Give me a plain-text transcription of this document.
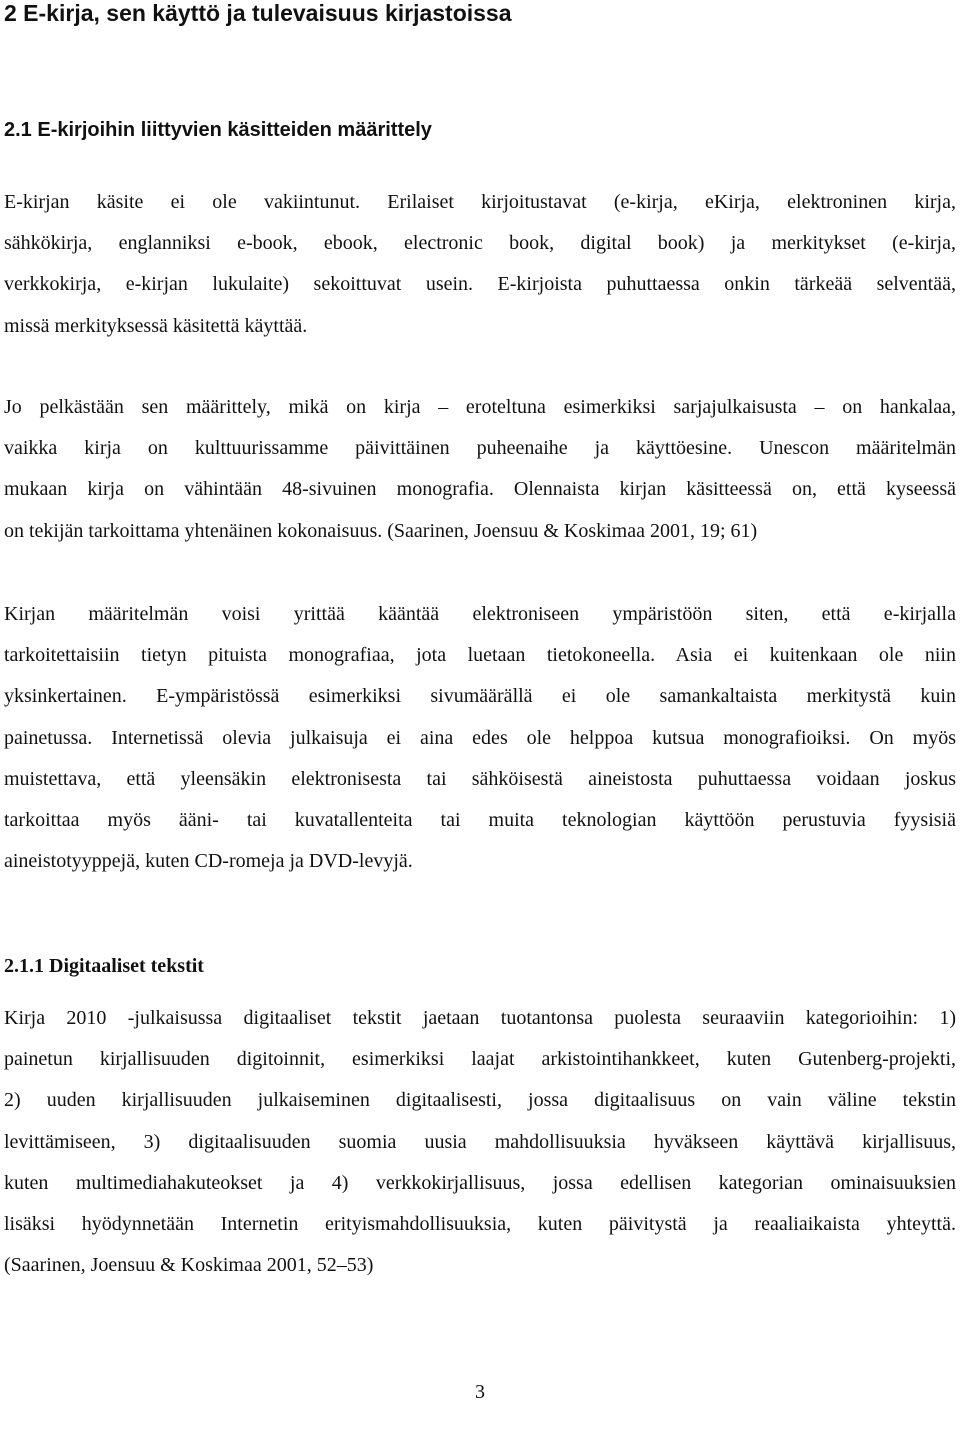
2 E-kirja, sen käyttö ja tulevaisuus kirjastoissa
2.1 E-kirjoihin liittyvien käsitteiden määrittely
E-kirjan käsite ei ole vakiintunut. Erilaiset kirjoitustavat (e-kirja, eKirja, elektroninen kirja,
sähkökirja, englanniksi e-book, ebook, electronic book, digital book) ja merkitykset (e-kirja,
verkkokirja, e-kirjan lukulaite) sekoittuvat usein. E-kirjoista puhuttaessa onkin tärkeää selventää,
missä merkityksessä käsitettä käyttää.
Jo pelkästään sen määrittely, mikä on kirja – eroteltuna esimerkiksi sarjajulkaisusta – on hankalaa,
vaikka kirja on kulttuurissamme päivittäinen puheenaihe ja käyttöesine. Unescon määritelmän
mukaan kirja on vähintään 48-sivuinen monografia. Olennaista kirjan käsitteessä on, että kyseessä
on tekijän tarkoittama yhtenäinen kokonaisuus. (Saarinen, Joensuu & Koskimaa 2001, 19; 61)
Kirjan määritelmän voisi yrittää kääntää elektroniseen ympäristöön siten, että e-kirjalla
tarkoitettaisiin tietyn pituista monografiaa, jota luetaan tietokoneella. Asia ei kuitenkaan ole niin
yksinkertainen. E-ympäristössä esimerkiksi sivumäärällä ei ole samankaltaista merkitystä kuin
painetussa. Internetissä olevia julkaisuja ei aina edes ole helppoa kutsua monografioiksi. On myös
muistettava, että yleensäkin elektronisesta tai sähköisestä aineistosta puhuttaessa voidaan joskus
tarkoittaa myös ääni- tai kuvatallenteita tai muita teknologian käyttöön perustuvia fyysisiä
aineistotyyppejä, kuten CD-romeja ja DVD-levyjä.
2.1.1 Digitaaliset tekstit
Kirja 2010 -julkaisussa digitaaliset tekstit jaetaan tuotantonsa puolesta seuraaviin kategorioihin: 1)
painetun kirjallisuuden digitoinnit, esimerkiksi laajat arkistointihankkeet, kuten Gutenberg-projekti,
2) uuden kirjallisuuden julkaiseminen digitaalisesti, jossa digitaalisuus on vain väline tekstin
levittämiseen, 3) digitaalisuuden suomia uusia mahdollisuuksia hyväkseen käyttävä kirjallisuus,
kuten multimediahakuteokset ja 4) verkkokirjallisuus, jossa edellisen kategorian ominaisuuksien
lisäksi hyödynnetään Internetin erityismahdollisuuksia, kuten päivitystä ja reaaliaikaista yhteyttä.
(Saarinen, Joensuu & Koskimaa 2001, 52–53)
3
